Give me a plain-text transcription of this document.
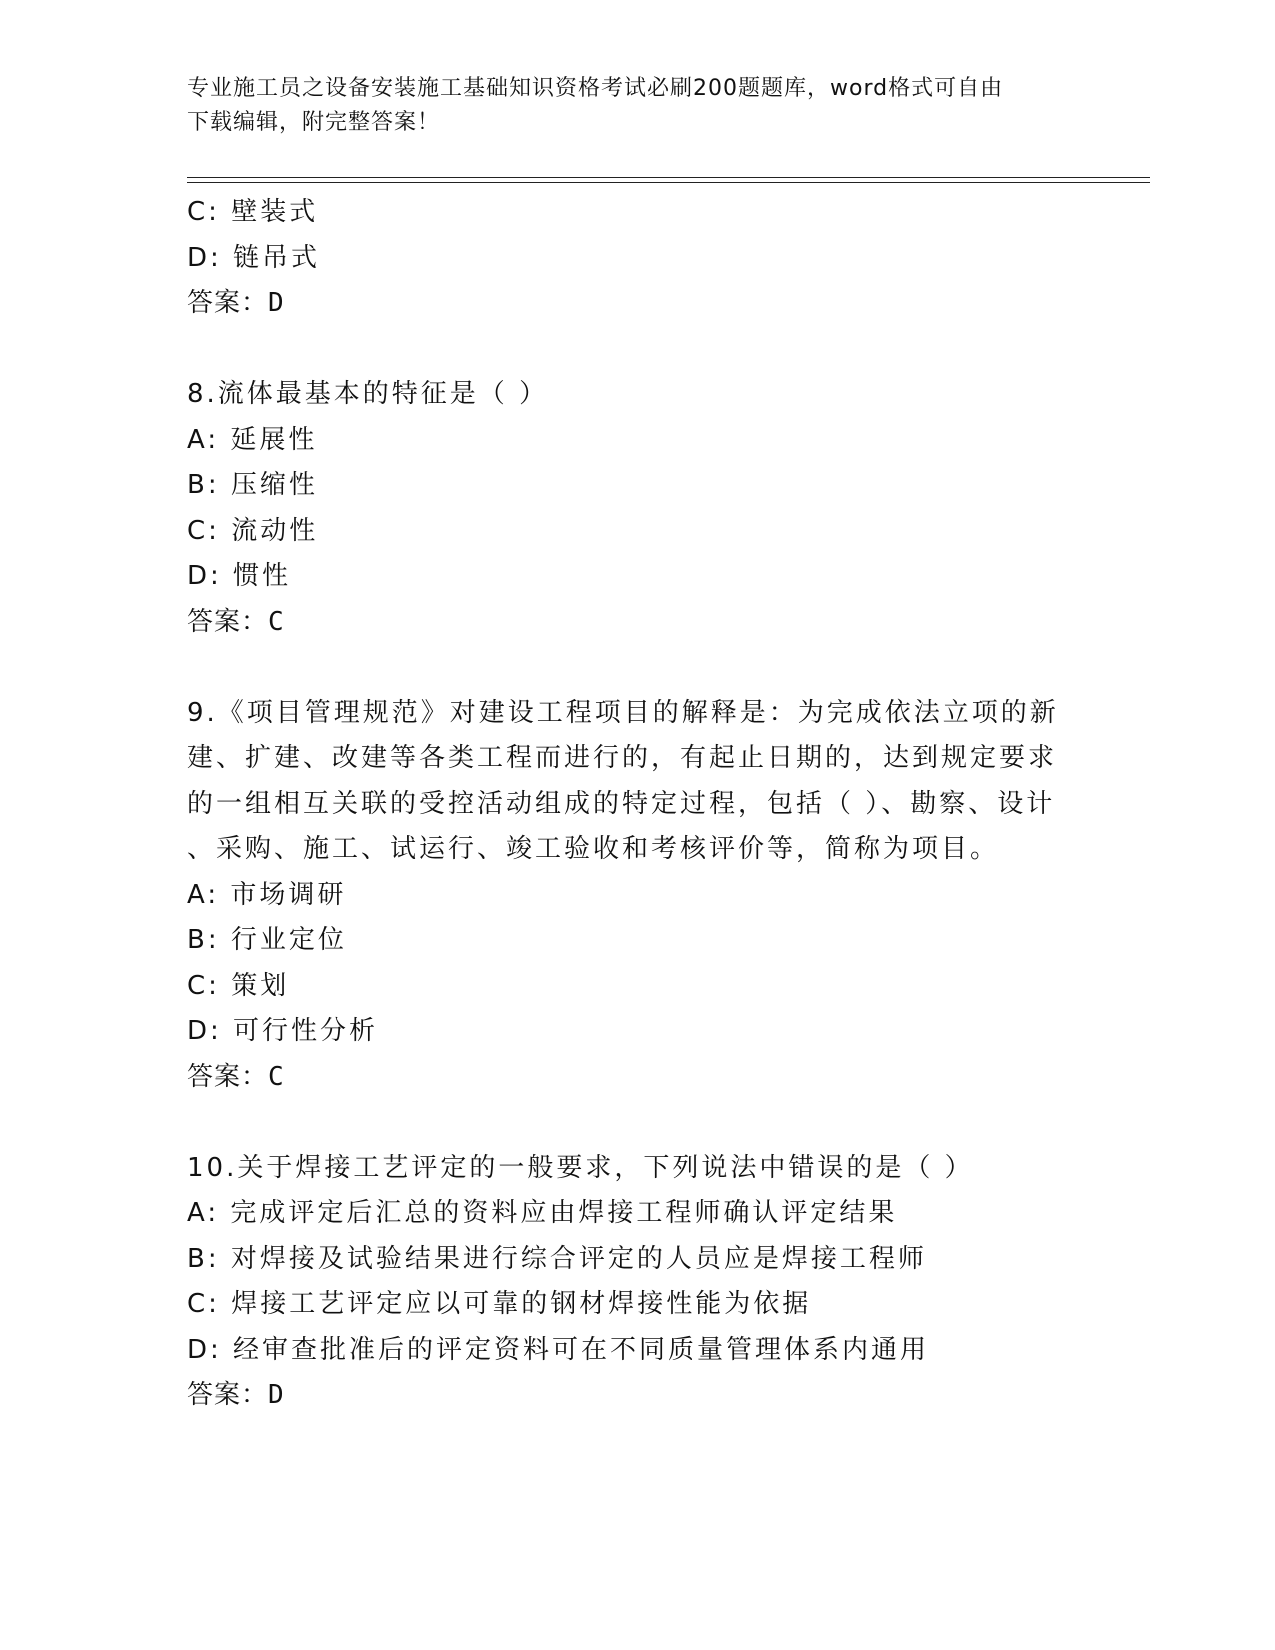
专业施工员之设备安装施工基础知识资格考试必刷200题题库，word格式可自由
下载编辑，附完整答案！
C: 壁装式
D: 链吊式
答案：D
8.流体最基本的特征是（ ）
A: 延展性
B: 压缩性
C: 流动性
D: 惯性
答案：C
9.《项目管理规范》对建设工程项目的解释是：为完成依法立项的新
建、扩建、改建等各类工程而进行的，有起止日期的，达到规定要求
的一组相互关联的受控活动组成的特定过程，包括（ ）、勘察、设计
、采购、施工、试运行、竣工验收和考核评价等，简称为项目。
A: 市场调研
B: 行业定位
C: 策划
D: 可行性分析
答案：C
10.关于焊接工艺评定的一般要求，下列说法中错误的是（ ）
A: 完成评定后汇总的资料应由焊接工程师确认评定结果
B: 对焊接及试验结果进行综合评定的人员应是焊接工程师
C: 焊接工艺评定应以可靠的钢材焊接性能为依据
D: 经审查批准后的评定资料可在不同质量管理体系内通用
答案：D
